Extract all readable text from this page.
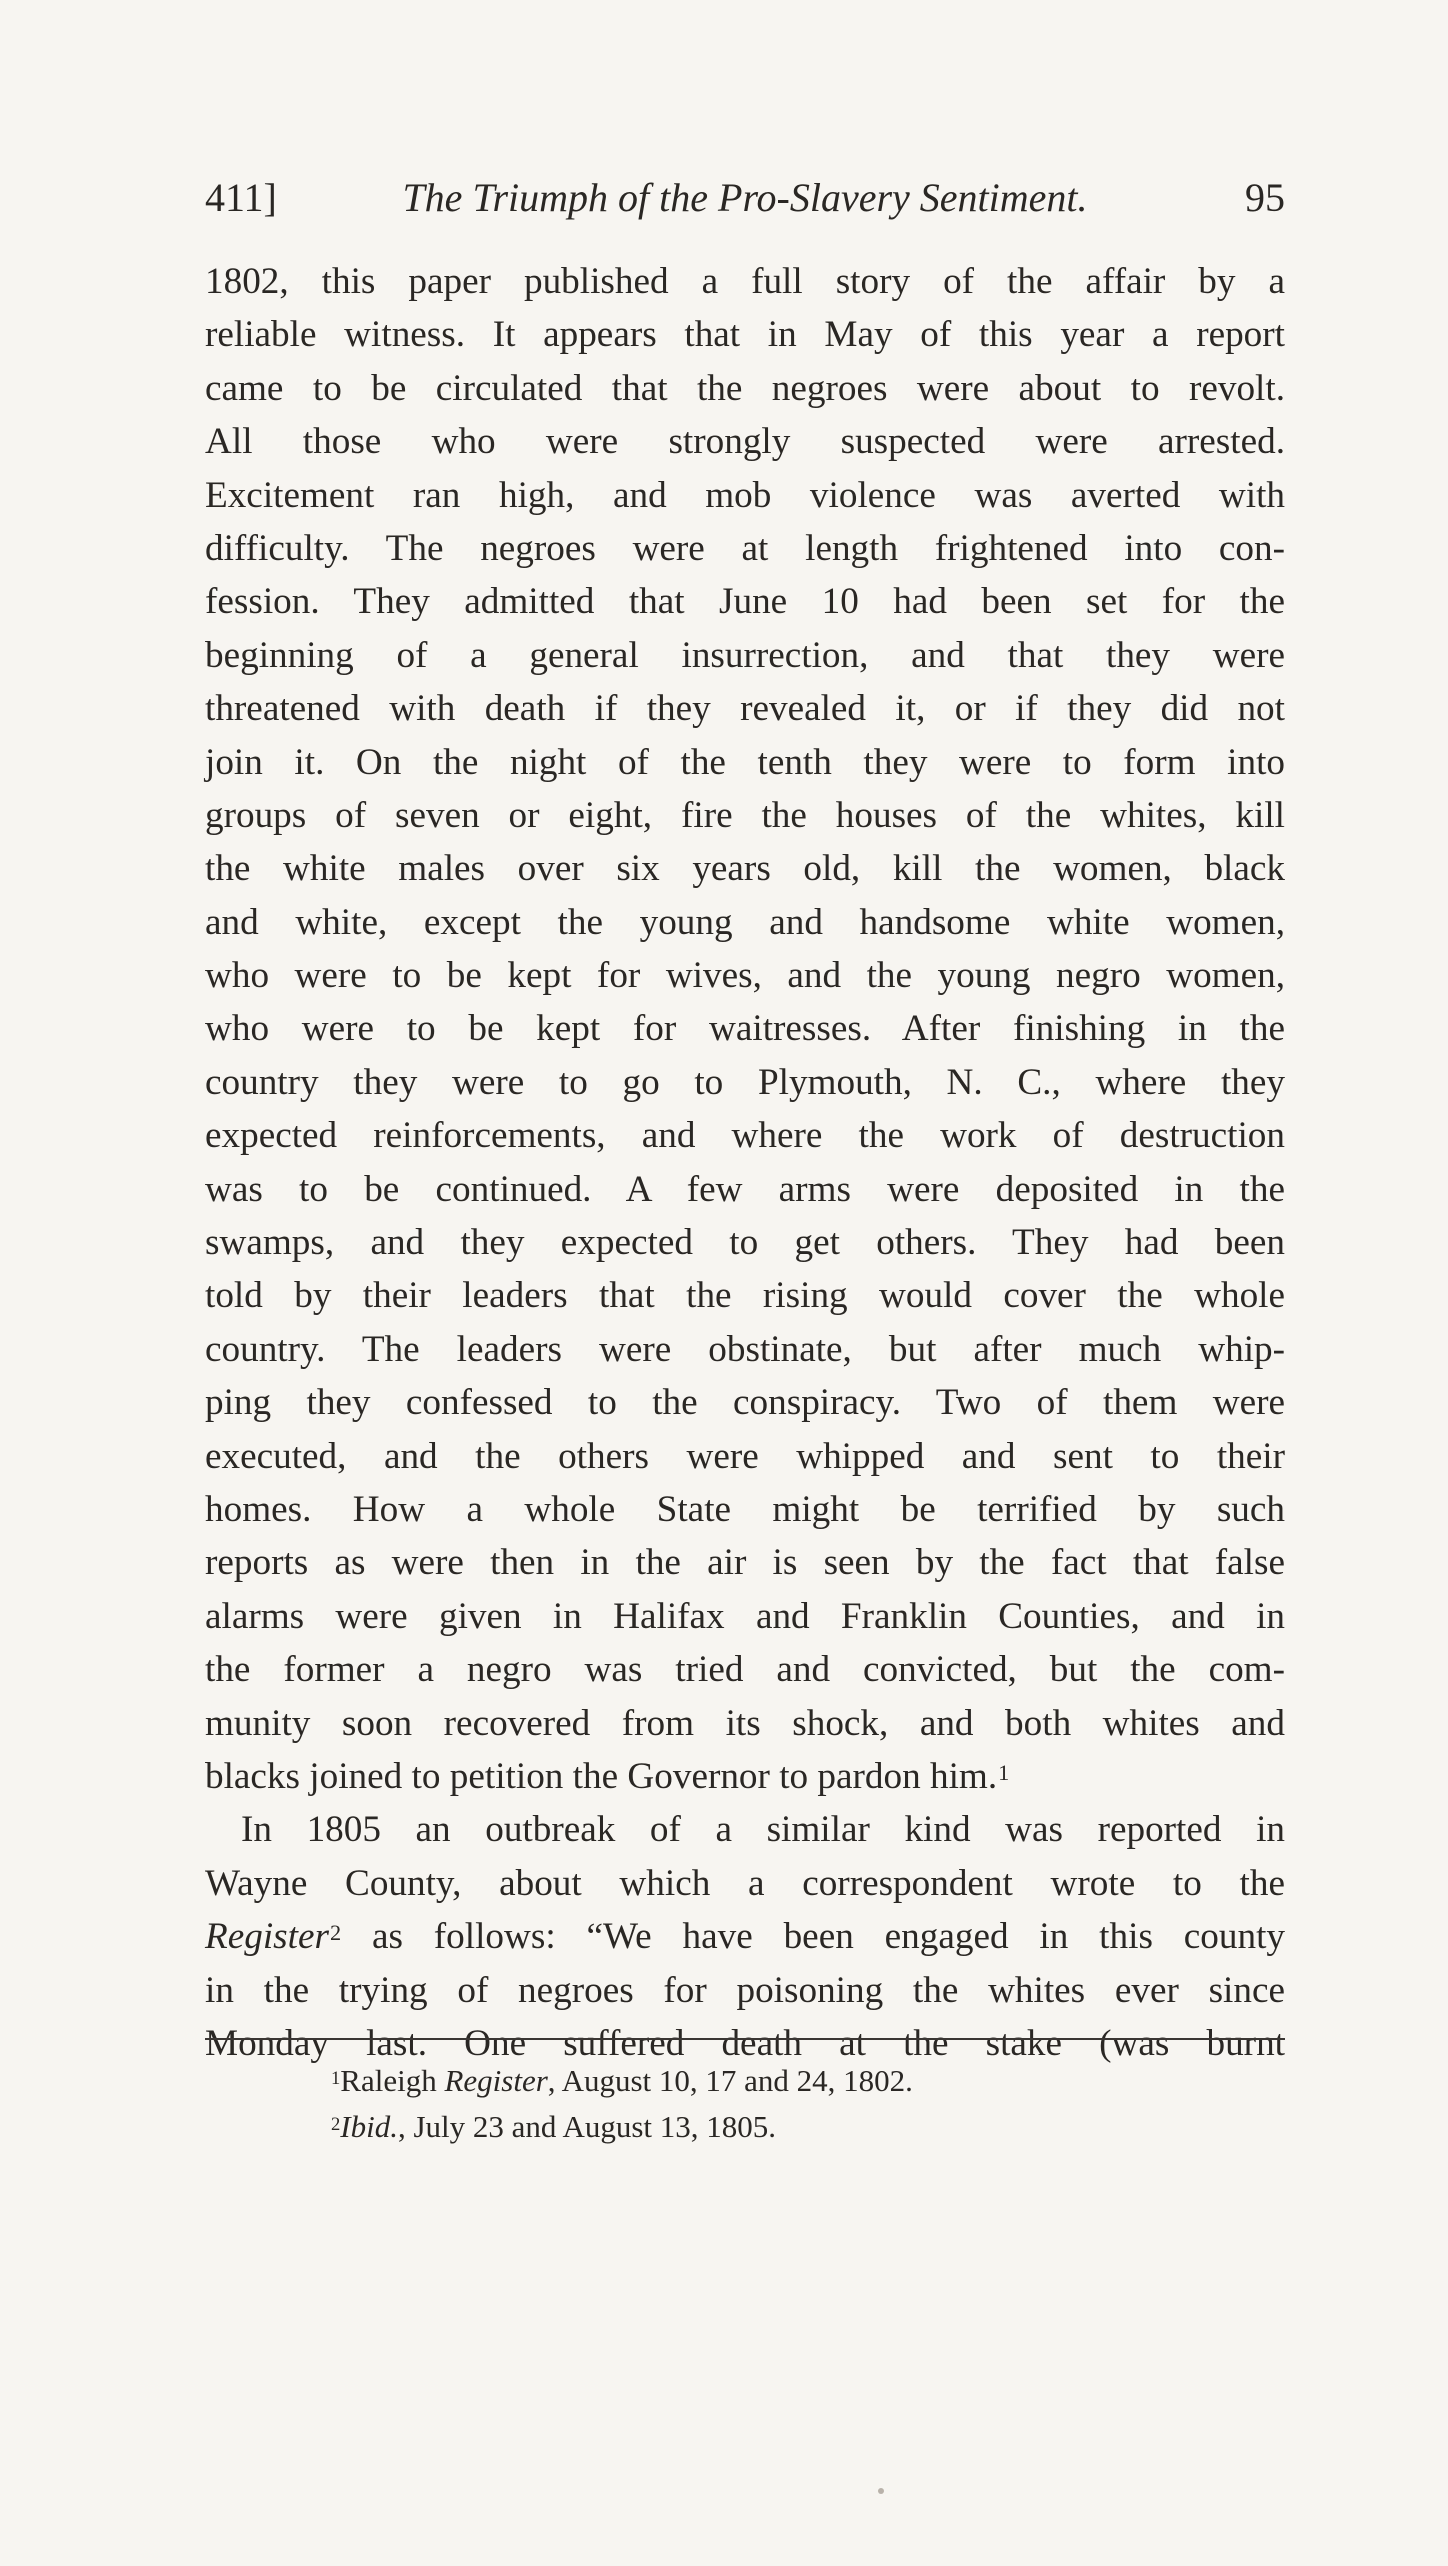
411]	The Triumph of the Pro-Slavery Sentiment.	95
1802, this paper published a full story of the affair by a
reliable witness. It appears that in May of this year a report
came to be circulated that the negroes were about to revolt.
All those who were strongly suspected were arrested.
Excitement ran high, and mob violence was averted with
difficulty. The negroes were at length frightened into con-
fession. They admitted that June 10 had been set for the
beginning of a general insurrection, and that they were
threatened with death if they revealed it, or if they did not
join it. On the night of the tenth they were to form into
groups of seven or eight, fire the houses of the whites, kill
the white males over six years old, kill the women, black
and white, except the young and handsome white women,
who were to be kept for wives, and the young negro women,
who were to be kept for waitresses. After finishing in the
country they were to go to Plymouth, N. C., where they
expected reinforcements, and where the work of destruction
was to be continued. A few arms were deposited in the
swamps, and they expected to get others. They had been
told by their leaders that the rising would cover the whole
country. The leaders were obstinate, but after much whip-
ping they confessed to the conspiracy. Two of them were
executed, and the others were whipped and sent to their
homes. How a whole State might be terrified by such
reports as were then in the air is seen by the fact that false
alarms were given in Halifax and Franklin Counties, and in
the former a negro was tried and convicted, but the com-
munity soon recovered from its shock, and both whites and
blacks joined to petition the Governor to pardon him.$^1$
In 1805 an outbreak of a similar kind was reported in
Wayne County, about which a correspondent wrote to the
Register$^2$ as follows: “We have been engaged in this county
in the trying of negroes for poisoning the whites ever since
Monday last. One suffered death at the stake (was burnt
$^1$Raleigh Register, August 10, 17 and 24, 1802.
$^2$Ibid., July 23 and August 13, 1805.
